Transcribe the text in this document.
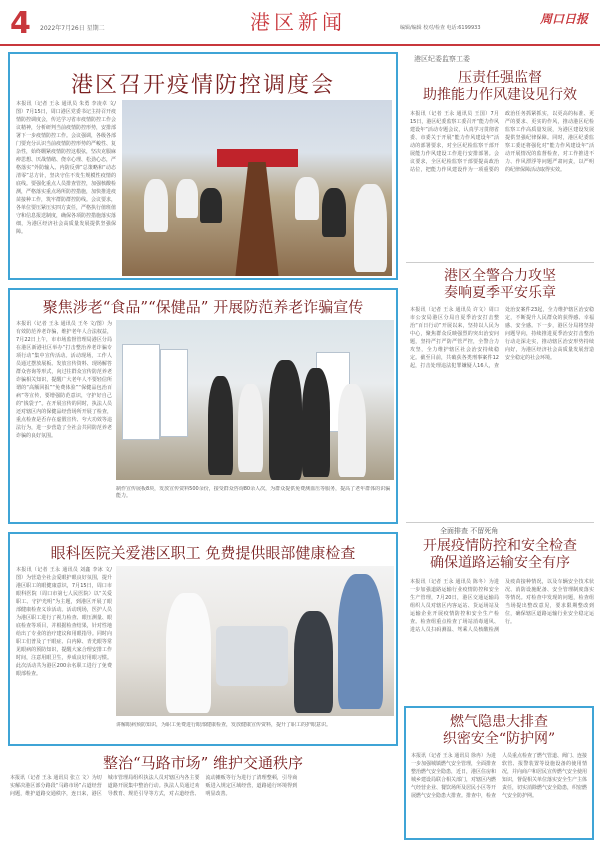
4 2022年7月26日 星期二	港区新闻	编辑/编辑 校对/检查 电话:6199933
周口日报
港区召开疫情防控调度会
本报讯（记者 王永 通讯员 朱勇 李凌卓 文/图）7月15日，周口港区党委书记主持召开疫情防控调度会，传达学习省市疫情防控工作会议精神，分析研判当前疫情防控形势，安排部署下一步疫情防控工作。会议强调，各级各部门要充分认识当前疫情防控形势的严峻性、复杂性，始终绷紧疫情防控这根弦，坚决克服麻痹思想、厌战情绪、侥幸心理、松劲心态，严格落实“外防输入、内防反弹”总策略和“动态清零”总方针，坚决守住不发生规模性疫情的底线。要强化重点人员排查管控，加强核酸检测，严格落实重点场所防控措施，加快推进疫苗接种工作，筑牢群防群控防线。会议要求，各单位要压紧压实四方责任，严格执行值班值守和信息报送制度，确保各项防控措施落实落细，为港区经济社会高质量发展提供坚强保障。
聚焦涉老“食品”“保健品” 开展防范养老诈骗宣传
本报讯（记者 王永 通讯员 王冬 文/图）为有效防范养老诈骗，维护老年人合法权益，7月22日上午，市市场监督管理局港区分局在港区新港社区举办“打击整治养老诈骗专项行动”集中宣传活动。活动现场，工作人员通过摆放展板、发放宣传资料、现场解答群众咨询等形式，向过往群众宣传防范养老诈骗相关知识，提醒广大老年人不要轻信所谓的“高额回报”“免费体验”“保健品包治百病”等宣传，要增强防范意识，守护好自己的“钱袋子”。在开展宣传的同时，执法人员还对辖区内的保健品经营场所开展了检查，重点检查是否存在虚假宣传、夸大功效等违法行为，进一步营造了全社会共同防范养老诈骗的良好氛围。
制作宣传展板8块，发放宣传资料500余份，接受群众咨询80余人次，为群众提供免费测血压等服务，提高了老年群体的识骗能力。
眼科医院关爱港区职工 免费提供眼部健康检查
本报讯（记者 王永 通讯员 刘鑫 李冰 文/图）为营造全社会爱眼护眼良好氛围，提升港区职工的眼健康意识，7月15日，周口市眼科医院（周口市第七人民医院）以“关爱职工、守护光明”为主题，到港区开展了眼部健康检查义诊活动。活动现场，医护人员为港区职工进行了视力检查、眼压测量、眼底检查等项目，并根据检查结果，针对性地给出了专业的治疗建议和用眼指导。同时向职工们普及了干眼症、白内障、青光眼等常见眼病的预防知识，提醒大家合理安排工作时间，注意用眼卫生，养成良好用眼习惯。此次活动共为港区200余名职工进行了免费眼部检查。
讲解眼病预防知识，为职工免费进行眼部健康检查，发放健康宣传资料，提升了职工的护眼意识。
整治“马路市场” 维护交通秩序
本报讯（记者 王永 通讯员 张立 文）为切实解决港区部分路段“马路市场”占道经营问题，维护道路交通秩序，连日来，港区城市管理局组织执法人员对辖区内各主要道路开展集中整治行动。执法人员通过劝导教育、规范引导等方式，对占道经营、流动摊贩等行为进行了清理整顿，引导商贩进入规定区域经营，道路通行环境得到明显改善。
港区纪委监察工委
压责任强监督
助推能力作风建设见行效
本报讯（记者 王永 通讯员 王国）7月15日，港区纪委监察工委召开“能力作风建设年”活动专题会议，认真学习贯彻省委、市委关于开展“能力作风建设年”活动的部署要求，对全区纪检监察干部开展能力作风建设工作进行安排部署。会议要求，全区纪检监察干部要提高政治站位，把能力作风建设作为一项重要的政治任务抓紧抓实，以更高的标准、更严的要求、更实的作风，推动港区纪检监察工作高质量发展，为港区建设发展提供坚强纪律保障。同时，港区纪委监察工委还将强化对“能力作风建设年”活动开展情况的监督检查，对工作推进不力、作风漂浮等问题严肃问责，以严明的纪律保障活动取得实效。
港区全警合力攻坚
奏响夏季平安乐章
本报讯（记者 王永 通讯员 许文）周口市公安局港区分局自夏季治安打击整治“百日行动”开展以来，坚持以人民为中心，聚焦群众反映强烈的突出治安问题，坚持严打严防严管严控，全警合力攻坚，全力维护辖区社会治安持续稳定。截至目前，共破获各类刑事案件12起，打击处理违法犯罪嫌疑人16人，查处治安案件23起，全力维护辖区治安稳定，不断提升人民群众的获得感、幸福感、安全感。下一步，港区分局将坚持问题导向，持续推进夏季治安打击整治行动走深走实，推动辖区治安形势持续向好，为港区经济社会高质量发展营造安全稳定的社会环境。
全面排查 不留死角
开展疫情防控和安全检查
确保道路运输安全有序
本报讯（记者 王永 通讯员 陈冬）为进一步加强道路运输行业疫情防控和安全生产管理，7月20日，港区交通运输局组织人员对辖区内客运站、货运场站及运输企业开展疫情防控和安全生产检查。检查组重点检查了场站消毒通风、进站人员扫码测温、驾乘人员核酸检测及疫苗接种情况，以及车辆安全技术状况、消防设施配备、安全管理制度落实等情况。对检查中发现的问题，检查组当场提出整改意见，要求限期整改到位，确保辖区道路运输行业安全稳定运行。
燃气隐患大排查
织密安全“防护网”
本报讯（记者 王永 通讯员 徐冉）为进一步加强城镇燃气安全管理，全面排查整治燃气安全隐患，近日，港区住房和城乡建设局联合相关部门，对辖区内燃气经营企业、餐饮场所及居民小区等开展燃气安全隐患大排查。排查中，检查人员重点检查了燃气管道、阀门、连接软管、报警装置等设施设备的使用情况，并向商户和居民宣传燃气安全使用知识，督促相关单位落实安全生产主体责任，切实消除燃气安全隐患，织密燃气安全防护网。
